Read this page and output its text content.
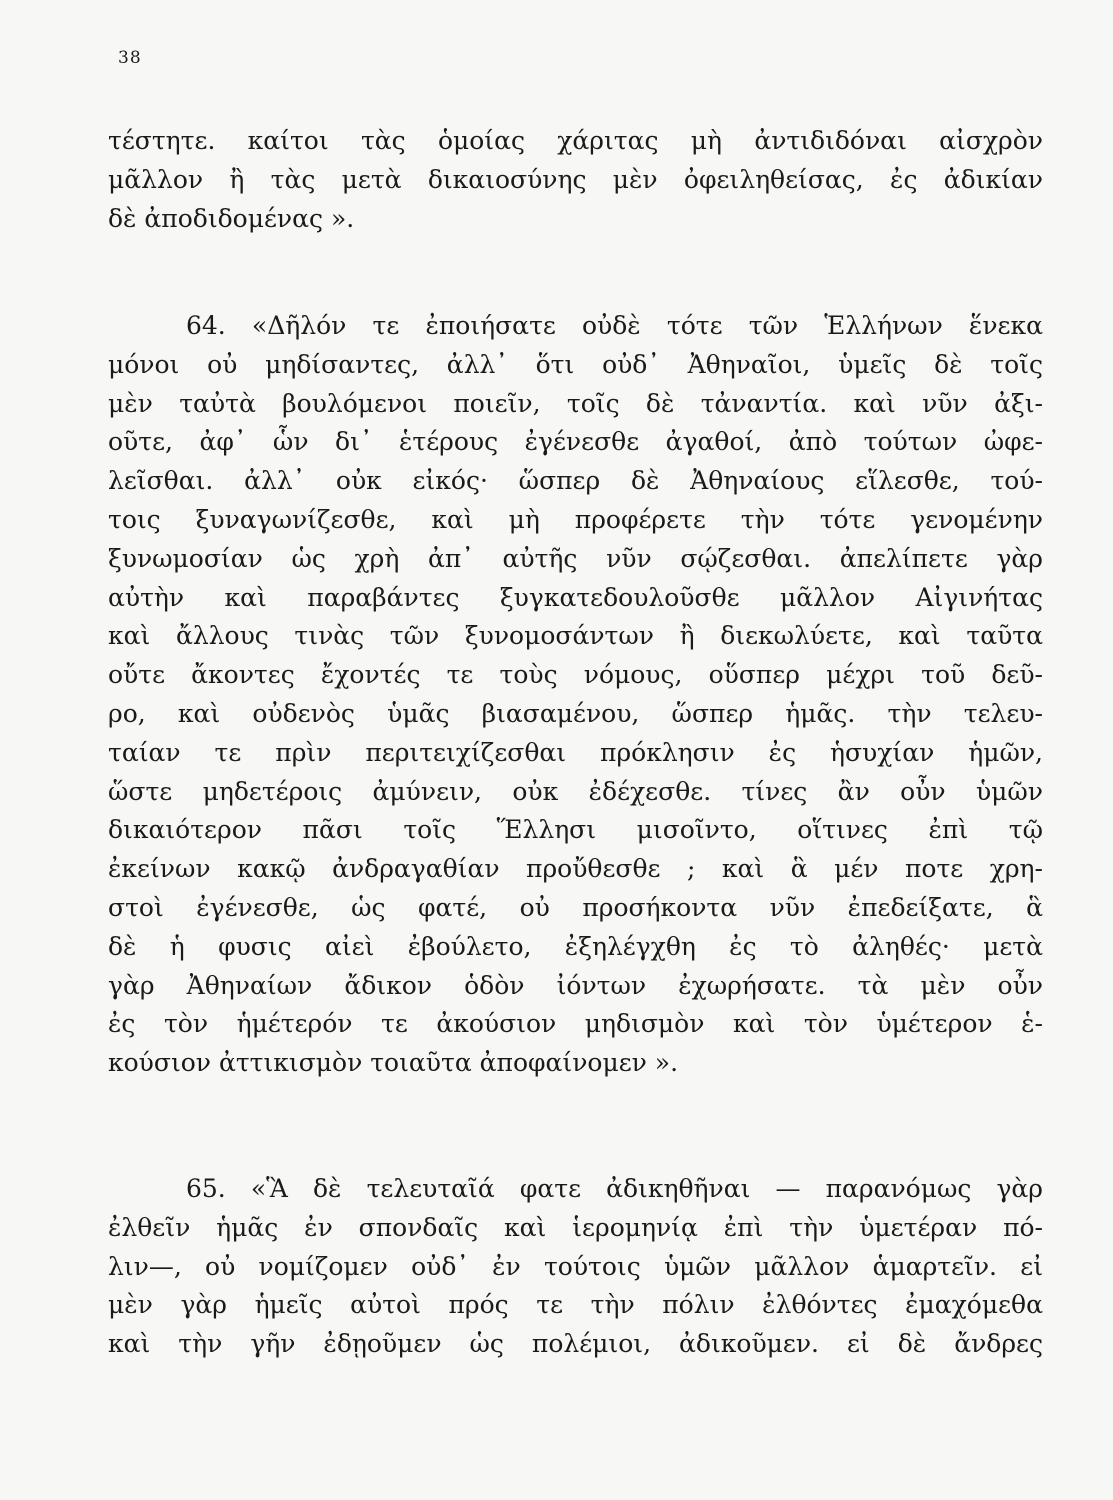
38
τέστητε. καίτοι τὰς ὁμοίας χάριτας μὴ ἀντιδιδόναι αἰσχρὸν
μᾶλλον ἢ τὰς μετὰ δικαιοσύνης μὲν ὀφειληθείσας, ἐς ἀδικίαν
δὲ ἀποδιδομένας ».
64. «Δῆλόν τε ἐποιήσατε οὐδὲ τότε τῶν Ἑλλήνων ἕνεκα
μόνοι οὐ μηδίσαντες, ἀλλ᾽ ὅτι οὐδ᾽ Ἀθηναῖοι, ὑμεῖς δὲ τοῖς
μὲν ταὐτὰ βουλόμενοι ποιεῖν, τοῖς δὲ τἀναντία. καὶ νῦν ἀξι-
οῦτε, ἀφ᾽ ὧν δι᾽ ἑτέρους ἐγένεσθε ἀγαθοί, ἀπὸ τούτων ὠφε-
λεῖσθαι. ἀλλ᾽ οὐκ εἰκός· ὥσπερ δὲ Ἀθηναίους εἵλεσθε, τού-
τοις ξυναγωνίζεσθε, καὶ μὴ προφέρετε τὴν τότε γενομένην
ξυνωμοσίαν ὡς χρὴ ἀπ᾽ αὐτῆς νῦν σῴζεσθαι. ἀπελίπετε γὰρ
αὐτὴν καὶ παραβάντες ξυγκατεδουλοῦσθε μᾶλλον Αἰγινήτας
καὶ ἄλλους τινὰς τῶν ξυνομοσάντων ἢ διεκωλύετε, καὶ ταῦτα
οὔτε ἄκοντες ἔχοντές τε τοὺς νόμους, οὕσπερ μέχρι τοῦ δεῦ-
ρο, καὶ οὐδενὸς ὑμᾶς βιασαμένου, ὥσπερ ἡμᾶς. τὴν τελευ-
ταίαν τε πρὶν περιτειχίζεσθαι πρόκλησιν ἐς ἡσυχίαν ἡμῶν,
ὥστε μηδετέροις ἀμύνειν, οὐκ ἐδέχεσθε. τίνες ἂν οὖν ὑμῶν
δικαιότερον πᾶσι τοῖς Ἕλλησι μισοῖντο, οἵτινες ἐπὶ τῷ
ἐκείνων κακῷ ἀνδραγαθίαν προὔθεσθε ; καὶ ἃ μέν ποτε χρη-
στοὶ ἐγένεσθε, ὡς φατέ, οὐ προσήκοντα νῦν ἐπεδείξατε, ἃ
δὲ ἡ φυσις αἰεὶ ἐβούλετο, ἐξηλέγχθη ἐς τὸ ἀληθές· μετὰ
γὰρ Ἀθηναίων ἄδικον ὁδὸν ἰόντων ἐχωρήσατε. τὰ μὲν οὖν
ἐς τὸν ἡμέτερόν τε ἀκούσιον μηδισμὸν καὶ τὸν ὑμέτερον ἑ-
κούσιον ἀττικισμὸν τοιαῦτα ἀποφαίνομεν ».
65. «Ἃ δὲ τελευταῖά φατε ἀδικηθῆναι — παρανόμως γὰρ
ἐλθεῖν ἡμᾶς ἐν σπονδαῖς καὶ ἱερομηνίᾳ ἐπὶ τὴν ὑμετέραν πό-
λιν—, οὐ νομίζομεν οὐδ᾽ ἐν τούτοις ὑμῶν μᾶλλον ἁμαρτεῖν. εἰ
μὲν γὰρ ἡμεῖς αὐτοὶ πρός τε τὴν πόλιν ἐλθόντες ἐμαχόμεθα
καὶ τὴν γῆν ἐδῃοῦμεν ὡς πολέμιοι, ἀδικοῦμεν. εἰ δὲ ἄνδρες
